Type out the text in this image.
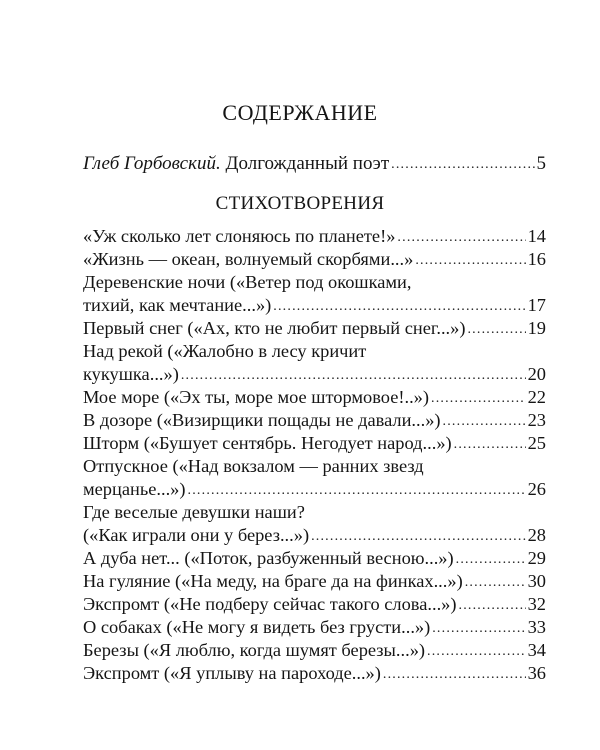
СОДЕРЖАНИЕ
Глеб Горбовский.
Долгожданный поэт .....	5
СТИХОТВОРЕНИЯ
«Уж сколько лет слоняюсь по планете!» .....	14
«Жизнь — океан, волнуемый скорбями...» .....	16
Деревенские ночи («Ветер под окошками,
тихий, как мечтание...») .....	17
Первый снег («Ах, кто не любит первый снег...») .....	19
Над рекой («Жалобно в лесу кричит
кукушка...») .....	20
Мое море («Эх ты, море мое штормовое!..») .....	22
В дозоре («Визирщики пощады не давали...») .....	23
Шторм («Бушует сентябрь. Негодует народ...») .....	25
Отпускное («Над вокзалом — ранних звезд
мерцанье...») .....	26
Где веселые девушки наши?
(«Как играли они у берез...») .....	28
А дуба нет... («Поток, разбуженный весною...») .....	29
На гуляние («На меду, на браге да на финках...») .....	30
Экспромт («Не подберу сейчас такого слова...») .....	32
О собаках («Не могу я видеть без грусти...») .....	33
Березы («Я люблю, когда шумят березы...») .....	34
Экспромт («Я уплыву на пароходе...») .....	36
